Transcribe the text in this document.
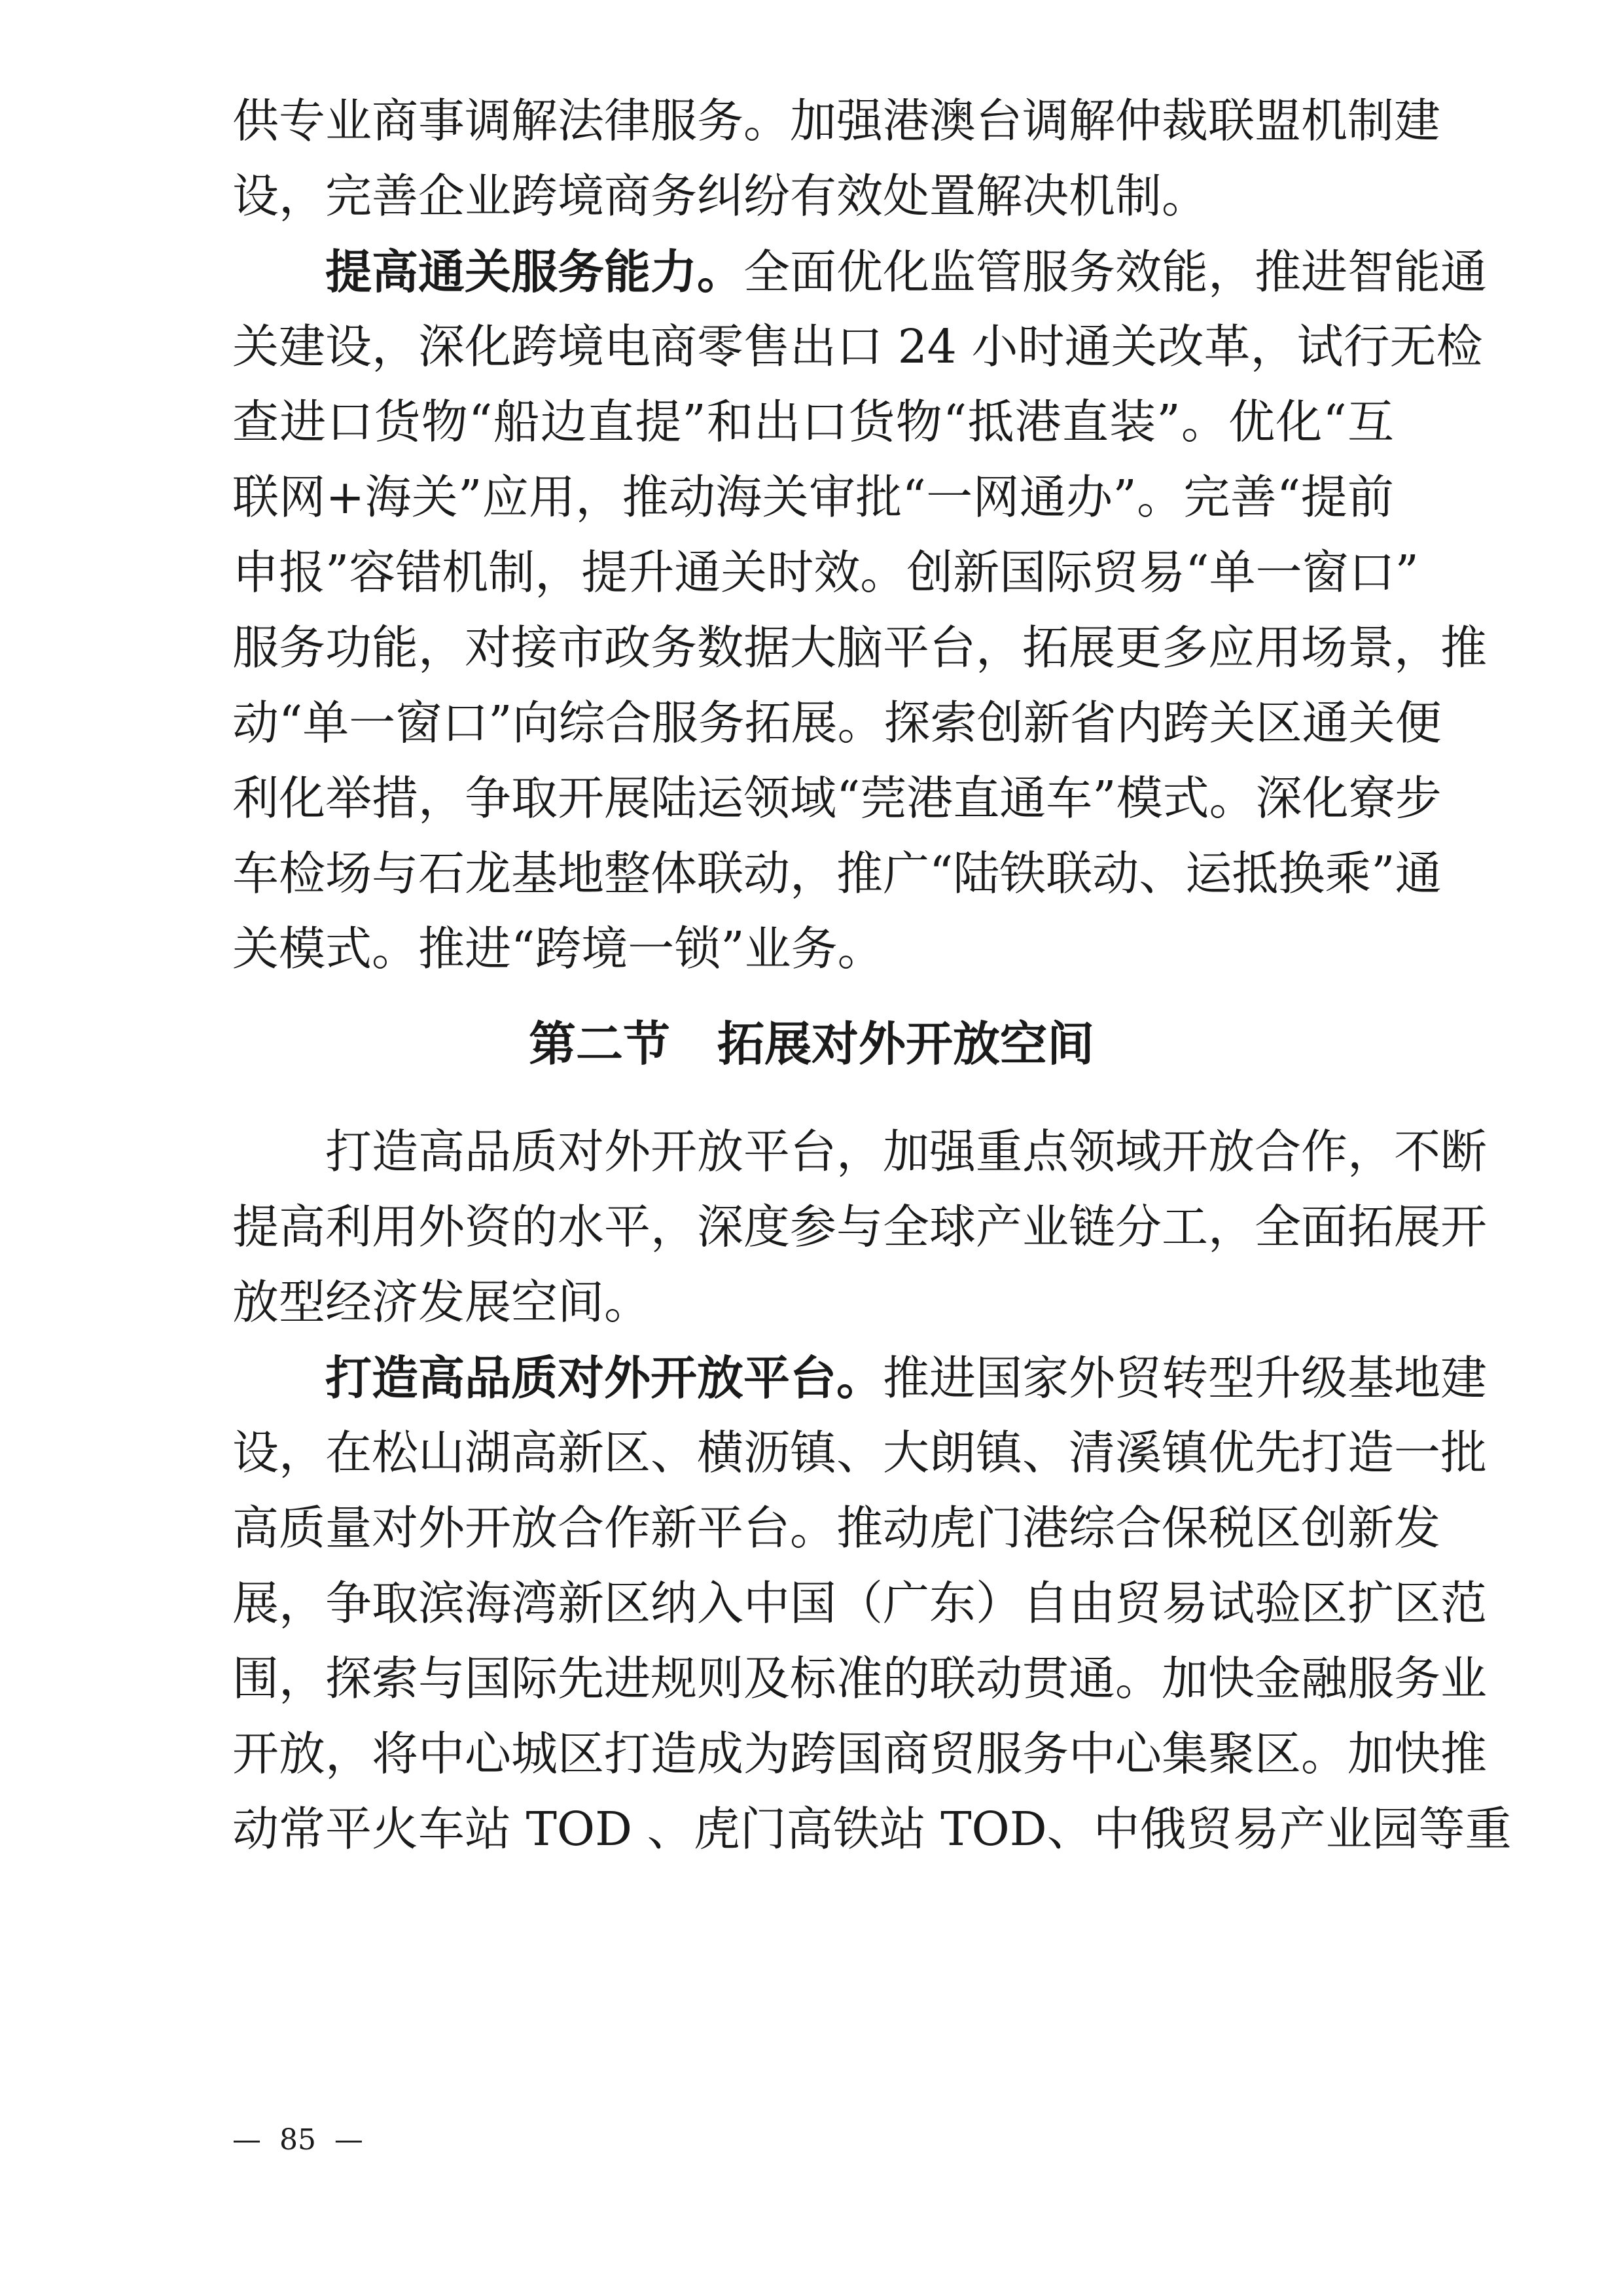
供专业商事调解法律服务。加强港澳台调解仲裁联盟机制建
设，完善企业跨境商务纠纷有效处置解决机制。
提高通关服务能力。全面优化监管服务效能，推进智能通
关建设，深化跨境电商零售出口 24 小时通关改革，试行无检
查进口货物“船边直提”和出口货物“抵港直装”。优化“互
联网+海关”应用，推动海关审批“一网通办”。完善“提前
申报”容错机制，提升通关时效。创新国际贸易“单一窗口”
服务功能，对接市政务数据大脑平台，拓展更多应用场景，推
动“单一窗口”向综合服务拓展。探索创新省内跨关区通关便
利化举措，争取开展陆运领域“莞港直通车”模式。深化寮步
车检场与石龙基地整体联动，推广“陆铁联动、运抵换乘”通
关模式。推进“跨境一锁”业务。
第二节　拓展对外开放空间
打造高品质对外开放平台，加强重点领域开放合作，不断
提高利用外资的水平，深度参与全球产业链分工，全面拓展开
放型经济发展空间。
打造高品质对外开放平台。推进国家外贸转型升级基地建
设，在松山湖高新区、横沥镇、大朗镇、清溪镇优先打造一批
高质量对外开放合作新平台。推动虎门港综合保税区创新发
展，争取滨海湾新区纳入中国（广东）自由贸易试验区扩区范
围，探索与国际先进规则及标准的联动贯通。加快金融服务业
开放，将中心城区打造成为跨国商贸服务中心集聚区。加快推
动常平火车站 TOD 、虎门高铁站 TOD、中俄贸易产业园等重
—  85  —
